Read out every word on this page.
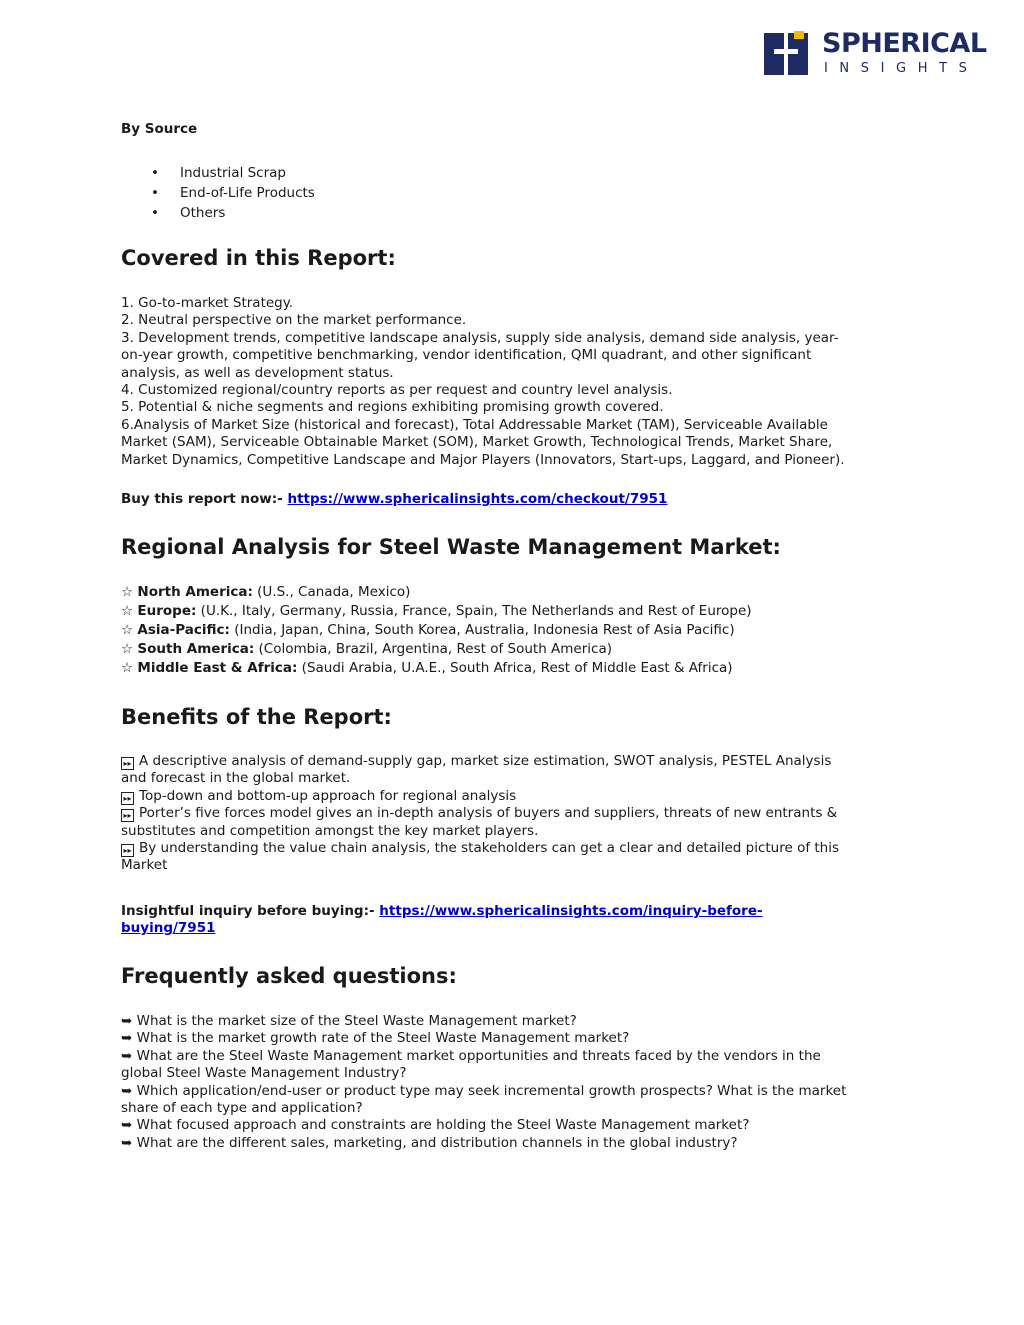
SPHERICAL
INSIGHTS
By Source
• Industrial Scrap
• End-of-Life Products
• Others
Covered in this Report:
1. Go-to-market Strategy.
2. Neutral perspective on the market performance.
3. Development trends, competitive landscape analysis, supply side analysis, demand side analysis, year-
on-year growth, competitive benchmarking, vendor identification, QMI quadrant, and other significant
analysis, as well as development status.
4. Customized regional/country reports as per request and country level analysis.
5. Potential & niche segments and regions exhibiting promising growth covered.
6.Analysis of Market Size (historical and forecast), Total Addressable Market (TAM), Serviceable Available
Market (SAM), Serviceable Obtainable Market (SOM), Market Growth, Technological Trends, Market Share,
Market Dynamics, Competitive Landscape and Major Players (Innovators, Start-ups, Laggard, and Pioneer).
Buy this report now:- https://www.sphericalinsights.com/checkout/7951
Regional Analysis for Steel Waste Management Market:
☆ North America: (U.S., Canada, Mexico)
☆ Europe: (U.K., Italy, Germany, Russia, France, Spain, The Netherlands and Rest of Europe)
☆ Asia-Pacific: (India, Japan, China, South Korea, Australia, Indonesia Rest of Asia Pacific)
☆ South America: (Colombia, Brazil, Argentina, Rest of South America)
☆ Middle East & Africa: (Saudi Arabia, U.A.E., South Africa, Rest of Middle East & Africa)
Benefits of the Report:
▸▸ A descriptive analysis of demand-supply gap, market size estimation, SWOT analysis, PESTEL Analysis
and forecast in the global market.
▸▸ Top-down and bottom-up approach for regional analysis
▸▸ Porter’s five forces model gives an in-depth analysis of buyers and suppliers, threats of new entrants &
substitutes and competition amongst the key market players.
▸▸ By understanding the value chain analysis, the stakeholders can get a clear and detailed picture of this
Market
Insightful inquiry before buying:- https://www.sphericalinsights.com/inquiry-before-
buying/7951
Frequently asked questions:
➥ What is the market size of the Steel Waste Management market?
➥ What is the market growth rate of the Steel Waste Management market?
➥ What are the Steel Waste Management market opportunities and threats faced by the vendors in the
global Steel Waste Management Industry?
➥ Which application/end-user or product type may seek incremental growth prospects? What is the market
share of each type and application?
➥ What focused approach and constraints are holding the Steel Waste Management market?
➥ What are the different sales, marketing, and distribution channels in the global industry?
